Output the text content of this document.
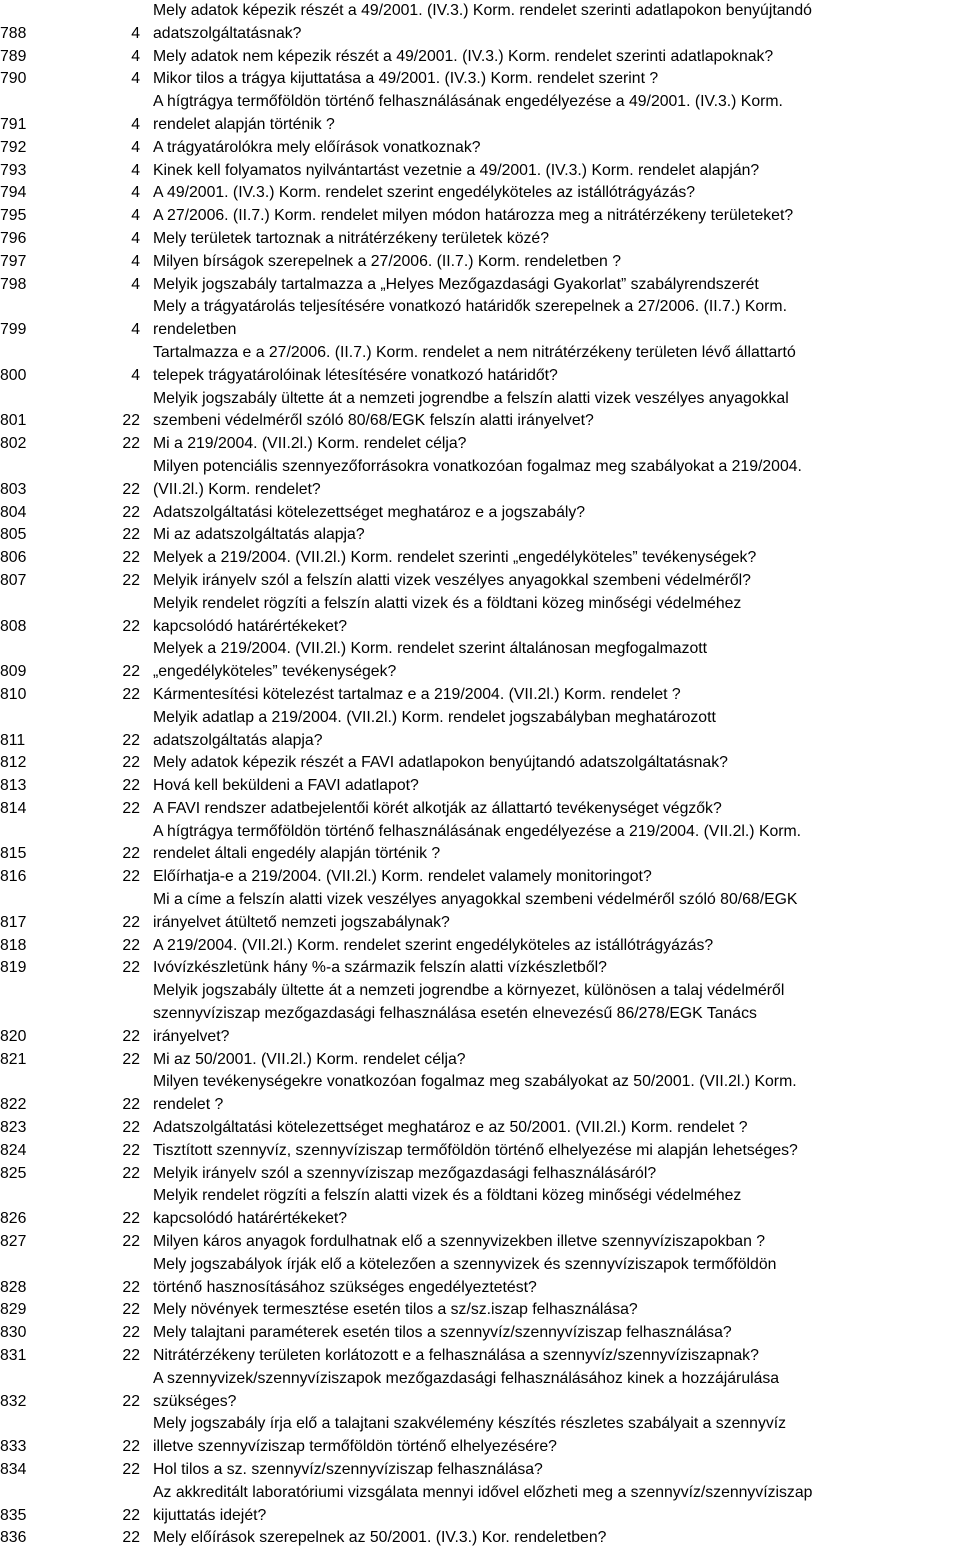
788	4
Mely adatok képezik részét a 49/2001. (IV.3.) Korm. rendelet szerinti adatlapokon benyújtandó
adatszolgáltatásnak?
789	4 Mely adatok nem képezik részét a 49/2001. (IV.3.) Korm. rendelet szerinti adatlapoknak?
790	4 Mikor tilos a trágya kijuttatása a 49/2001. (IV.3.) Korm. rendelet szerint ?
791	4
A hígtrágya termőföldön történő felhasználásának engedélyezése a 49/2001. (IV.3.) Korm.
rendelet alapján történik ?
792	4 A trágyatárolókra mely előírások vonatkoznak?
793	4 Kinek kell folyamatos nyilvántartást vezetnie a 49/2001. (IV.3.) Korm. rendelet alapján?
794	4 A 49/2001. (IV.3.) Korm. rendelet szerint engedélyköteles az istállótrágyázás?
795	4 A 27/2006. (II.7.) Korm. rendelet milyen módon határozza meg a nitrátérzékeny területeket?
796	4 Mely területek tartoznak a nitrátérzékeny területek közé?
797	4 Milyen bírságok szerepelnek a 27/2006. (II.7.) Korm. rendeletben ?
798	4 Melyik jogszabály tartalmazza a „Helyes Mezőgazdasági Gyakorlat” szabályrendszerét
799	4
Mely a trágyatárolás teljesítésére vonatkozó határidők szerepelnek a 27/2006. (II.7.) Korm.
rendeletben
800	4
Tartalmazza e a 27/2006. (II.7.) Korm. rendelet a nem nitrátérzékeny területen lévő állattartó
telepek trágyatárolóinak létesítésére vonatkozó határidőt?
801	22
Melyik jogszabály ültette át a nemzeti jogrendbe a felszín alatti vizek veszélyes anyagokkal
szembeni védelméről szóló 80/68/EGK felszín alatti irányelvet?
802	22 Mi a 219/2004. (VII.2l.) Korm. rendelet célja?
803	22
Milyen potenciális szennyezőforrásokra vonatkozóan fogalmaz meg szabályokat a 219/2004.
(VII.2l.) Korm. rendelet?
804	22 Adatszolgáltatási kötelezettséget meghatároz e a jogszabály?
805	22 Mi az adatszolgáltatás alapja?
806	22 Melyek a 219/2004. (VII.2l.) Korm. rendelet szerinti „engedélyköteles” tevékenységek?
807	22 Melyik irányelv szól a felszín alatti vizek veszélyes anyagokkal szembeni védelméről?
808	22
Melyik rendelet rögzíti a felszín alatti vizek és a földtani közeg minőségi védelméhez
kapcsolódó határértékeket?
809	22
Melyek a 219/2004. (VII.2l.) Korm. rendelet szerint általánosan megfogalmazott
„engedélyköteles” tevékenységek?
810	22 Kármentesítési kötelezést tartalmaz e a 219/2004. (VII.2l.) Korm. rendelet ?
811	22
Melyik adatlap a 219/2004. (VII.2l.) Korm. rendelet jogszabályban meghatározott
adatszolgáltatás alapja?
812	22 Mely adatok képezik részét a FAVI adatlapokon benyújtandó adatszolgáltatásnak?
813	22 Hová kell beküldeni a FAVI adatlapot?
814	22 A FAVI rendszer adatbejelentői körét alkotják az állattartó tevékenységet végzők?
815	22
A hígtrágya termőföldön történő felhasználásának engedélyezése a 219/2004. (VII.2l.) Korm.
rendelet általi engedély alapján történik ?
816	22 Előírhatja-e a 219/2004. (VII.2l.) Korm. rendelet valamely monitoringot?
817	22
Mi a címe a felszín alatti vizek veszélyes anyagokkal szembeni védelméről szóló 80/68/EGK
irányelvet átültető nemzeti jogszabálynak?
818	22 A 219/2004. (VII.2l.) Korm. rendelet szerint engedélyköteles az istállótrágyázás?
819	22 Ivóvízkészletünk hány %-a származik felszín alatti vízkészletből?
820	22
Melyik jogszabály ültette át a nemzeti jogrendbe a környezet, különösen a talaj védelméről
szennyvíziszap mezőgazdasági felhasználása esetén elnevezésű 86/278/EGK Tanács
irányelvet?
821	22 Mi az 50/2001. (VII.2l.) Korm. rendelet célja?
822	22
Milyen tevékenységekre vonatkozóan fogalmaz meg szabályokat az 50/2001. (VII.2l.) Korm.
rendelet ?
823	22 Adatszolgáltatási kötelezettséget meghatároz e az 50/2001. (VII.2l.) Korm. rendelet ?
824	22 Tisztított szennyvíz, szennyvíziszap termőföldön történő elhelyezése mi alapján lehetséges?
825	22 Melyik irányelv szól a szennyvíziszap mezőgazdasági felhasználásáról?
826	22
Melyik rendelet rögzíti a felszín alatti vizek és a földtani közeg minőségi védelméhez
kapcsolódó határértékeket?
827	22 Milyen káros anyagok fordulhatnak elő a szennyvizekben illetve szennyvíziszapokban ?
828	22
Mely jogszabályok írják elő a kötelezően a szennyvizek és szennyvíziszapok termőföldön
történő hasznosításához szükséges engedélyeztetést?
829	22 Mely növények termesztése esetén tilos a sz/sz.iszap felhasználása?
830	22 Mely talajtani paraméterek esetén tilos a szennyvíz/szennyvíziszap felhasználása?
831	22 Nitrátérzékeny területen korlátozott e a felhasználása a szennyvíz/szennyvíziszapnak?
832	22
A szennyvizek/szennyvíziszapok mezőgazdasági felhasználásához kinek a hozzájárulása
szükséges?
833	22
Mely jogszabály írja elő a talajtani szakvélemény készítés részletes szabályait a szennyvíz
illetve szennyvíziszap termőföldön történő elhelyezésére?
834	22 Hol tilos a sz. szennyvíz/szennyvíziszap felhasználása?
835	22
Az akkreditált laboratóriumi vizsgálata mennyi idővel előzheti meg a szennyvíz/szennyvíziszap
kijuttatás idejét?
836	22 Mely előírások szerepelnek az 50/2001. (IV.3.) Kor. rendeletben?
